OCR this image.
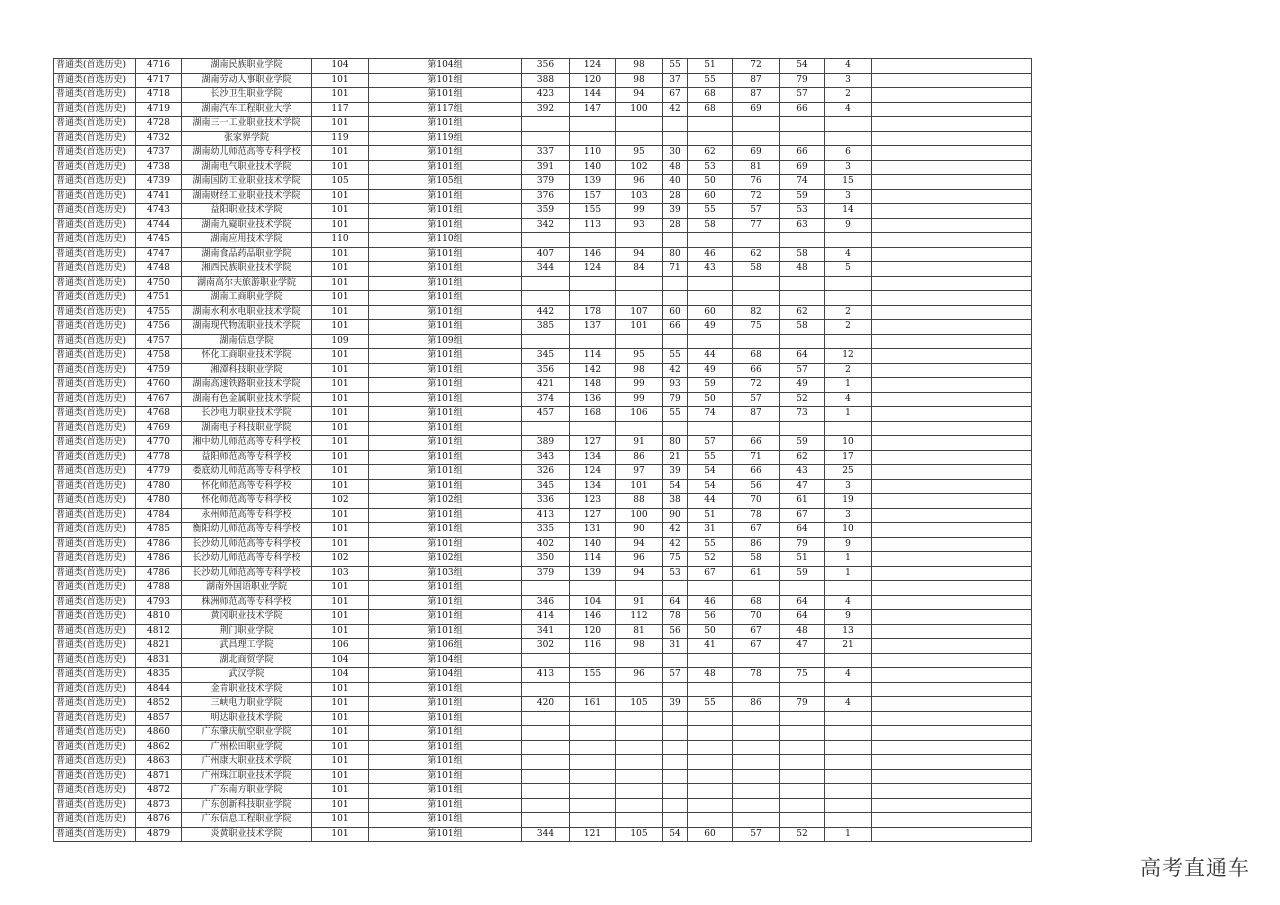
普通类(首选历史)	4716	湖南民族职业学院	104	第104组	356	124	98	55	51	72	54	4	
普通类(首选历史)	4717	湖南劳动人事职业学院	101	第101组	388	120	98	37	55	87	79	3	
普通类(首选历史)	4718	长沙卫生职业学院	101	第101组	423	144	94	67	68	87	57	2	
普通类(首选历史)	4719	湖南汽车工程职业大学	117	第117组	392	147	100	42	68	69	66	4	
普通类(首选历史)	4728	湖南三一工业职业技术学院	101	第101组									
普通类(首选历史)	4732	张家界学院	119	第119组									
普通类(首选历史)	4737	湖南幼儿师范高等专科学校	101	第101组	337	110	95	30	62	69	66	6	
普通类(首选历史)	4738	湖南电气职业技术学院	101	第101组	391	140	102	48	53	81	69	3	
普通类(首选历史)	4739	湖南国防工业职业技术学院	105	第105组	379	139	96	40	50	76	74	15	
普通类(首选历史)	4741	湖南财经工业职业技术学院	101	第101组	376	157	103	28	60	72	59	3	
普通类(首选历史)	4743	益阳职业技术学院	101	第101组	359	155	99	39	55	57	53	14	
普通类(首选历史)	4744	湖南九嶷职业技术学院	101	第101组	342	113	93	28	58	77	63	9	
普通类(首选历史)	4745	湖南应用技术学院	110	第110组									
普通类(首选历史)	4747	湖南食品药品职业学院	101	第101组	407	146	94	80	46	62	58	4	
普通类(首选历史)	4748	湘西民族职业技术学院	101	第101组	344	124	84	71	43	58	48	5	
普通类(首选历史)	4750	湖南高尔夫旅游职业学院	101	第101组									
普通类(首选历史)	4751	湖南工商职业学院	101	第101组									
普通类(首选历史)	4755	湖南水利水电职业技术学院	101	第101组	442	178	107	60	60	82	62	2	
普通类(首选历史)	4756	湖南现代物流职业技术学院	101	第101组	385	137	101	66	49	75	58	2	
普通类(首选历史)	4757	湖南信息学院	109	第109组									
普通类(首选历史)	4758	怀化工商职业技术学院	101	第101组	345	114	95	55	44	68	64	12	
普通类(首选历史)	4759	湘潭科技职业学院	101	第101组	356	142	98	42	49	66	57	2	
普通类(首选历史)	4760	湖南高速铁路职业技术学院	101	第101组	421	148	99	93	59	72	49	1	
普通类(首选历史)	4767	湖南有色金属职业技术学院	101	第101组	374	136	99	79	50	57	52	4	
普通类(首选历史)	4768	长沙电力职业技术学院	101	第101组	457	168	106	55	74	87	73	1	
普通类(首选历史)	4769	湖南电子科技职业学院	101	第101组									
普通类(首选历史)	4770	湘中幼儿师范高等专科学校	101	第101组	389	127	91	80	57	66	59	10	
普通类(首选历史)	4778	益阳师范高等专科学校	101	第101组	343	134	86	21	55	71	62	17	
普通类(首选历史)	4779	娄底幼儿师范高等专科学校	101	第101组	326	124	97	39	54	66	43	25	
普通类(首选历史)	4780	怀化师范高等专科学校	101	第101组	345	134	101	54	54	56	47	3	
普通类(首选历史)	4780	怀化师范高等专科学校	102	第102组	336	123	88	38	44	70	61	19	
普通类(首选历史)	4784	永州师范高等专科学校	101	第101组	413	127	100	90	51	78	67	3	
普通类(首选历史)	4785	衡阳幼儿师范高等专科学校	101	第101组	335	131	90	42	31	67	64	10	
普通类(首选历史)	4786	长沙幼儿师范高等专科学校	101	第101组	402	140	94	42	55	86	79	9	
普通类(首选历史)	4786	长沙幼儿师范高等专科学校	102	第102组	350	114	96	75	52	58	51	1	
普通类(首选历史)	4786	长沙幼儿师范高等专科学校	103	第103组	379	139	94	53	67	61	59	1	
普通类(首选历史)	4788	湖南外国语职业学院	101	第101组									
普通类(首选历史)	4793	株洲师范高等专科学校	101	第101组	346	104	91	64	46	68	64	4	
普通类(首选历史)	4810	黄冈职业技术学院	101	第101组	414	146	112	78	56	70	64	9	
普通类(首选历史)	4812	荆门职业学院	101	第101组	341	120	81	56	50	67	48	13	
普通类(首选历史)	4821	武昌理工学院	106	第106组	302	116	98	31	41	67	47	21	
普通类(首选历史)	4831	湖北商贸学院	104	第104组									
普通类(首选历史)	4835	武汉学院	104	第104组	413	155	96	57	48	78	75	4	
普通类(首选历史)	4844	金肯职业技术学院	101	第101组									
普通类(首选历史)	4852	三峡电力职业学院	101	第101组	420	161	105	39	55	86	79	4	
普通类(首选历史)	4857	明达职业技术学院	101	第101组									
普通类(首选历史)	4860	广东肇庆航空职业学院	101	第101组									
普通类(首选历史)	4862	广州松田职业学院	101	第101组									
普通类(首选历史)	4863	广州康大职业技术学院	101	第101组									
普通类(首选历史)	4871	广州珠江职业技术学院	101	第101组									
普通类(首选历史)	4872	广东南方职业学院	101	第101组									
普通类(首选历史)	4873	广东创新科技职业学院	101	第101组									
普通类(首选历史)	4876	广东信息工程职业学院	101	第101组									
普通类(首选历史)	4879	炎黄职业技术学院	101	第101组	344	121	105	54	60	57	52	1	
高考直通车
